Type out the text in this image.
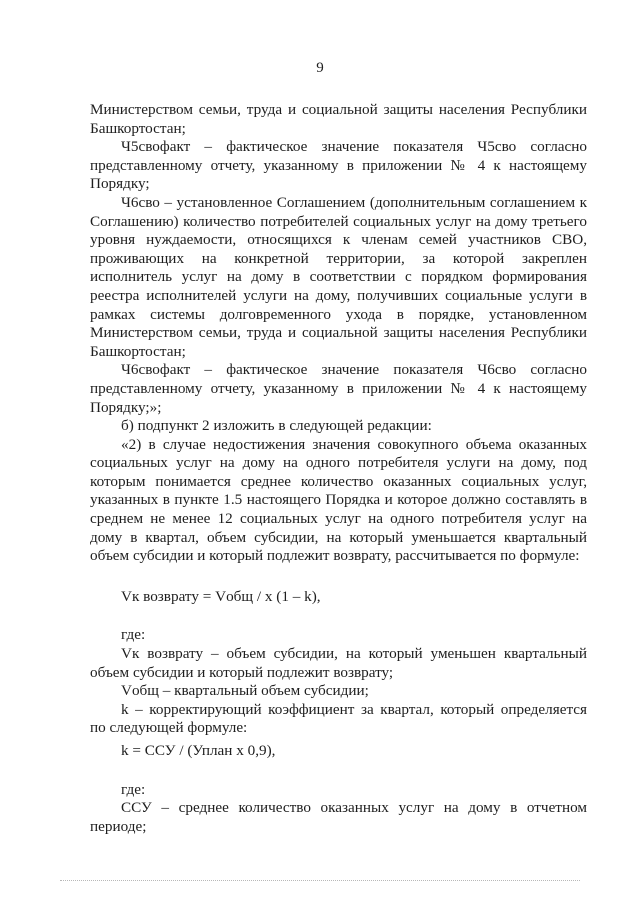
9

Министерством семьи, труда и социальной защиты населения Республики Башкортостан;

Ч5свофакт – фактическое значение показателя Ч5сво согласно представленному отчету, указанному в приложении № 4 к настоящему Порядку;

Ч6сво – установленное Соглашением (дополнительным соглашением к Соглашению) количество потребителей социальных услуг на дому третьего уровня нуждаемости, относящихся к членам семей участников СВО, проживающих на конкретной территории, за которой закреплен исполнитель услуг на дому в соответствии с порядком формирования реестра исполнителей услуги на дому, получивших социальные услуги в рамках системы долговременного ухода в порядке, установленном Министерством семьи, труда и социальной защиты населения Республики Башкортостан;

Ч6свофакт – фактическое значение показателя Ч6сво согласно представленному отчету, указанному в приложении № 4 к настоящему Порядку;»;

б) подпункт 2 изложить в следующей редакции:

«2) в случае недостижения значения совокупного объема оказанных социальных услуг на дому на одного потребителя услуги на дому, под которым понимается среднее количество оказанных социальных услуг, указанных в пункте 1.5 настоящего Порядка и которое должно составлять в среднем не менее 12 социальных услуг на одного потребителя услуг на дому в квартал, объем субсидии, на который уменьшается квартальный объем субсидии и который подлежит возврату, рассчитывается по формуле:

Vк возврату = Vобщ / х (1 – k),

где:

Vк возврату – объем субсидии, на который уменьшен квартальный объем субсидии и который подлежит возврату;

Vобщ – квартальный объем субсидии;

k – корректирующий коэффициент за квартал, который определяется по следующей формуле:

k = ССУ / (Уплан х 0,9),

где:

ССУ – среднее количество оказанных услуг на дому в отчетном периоде;
